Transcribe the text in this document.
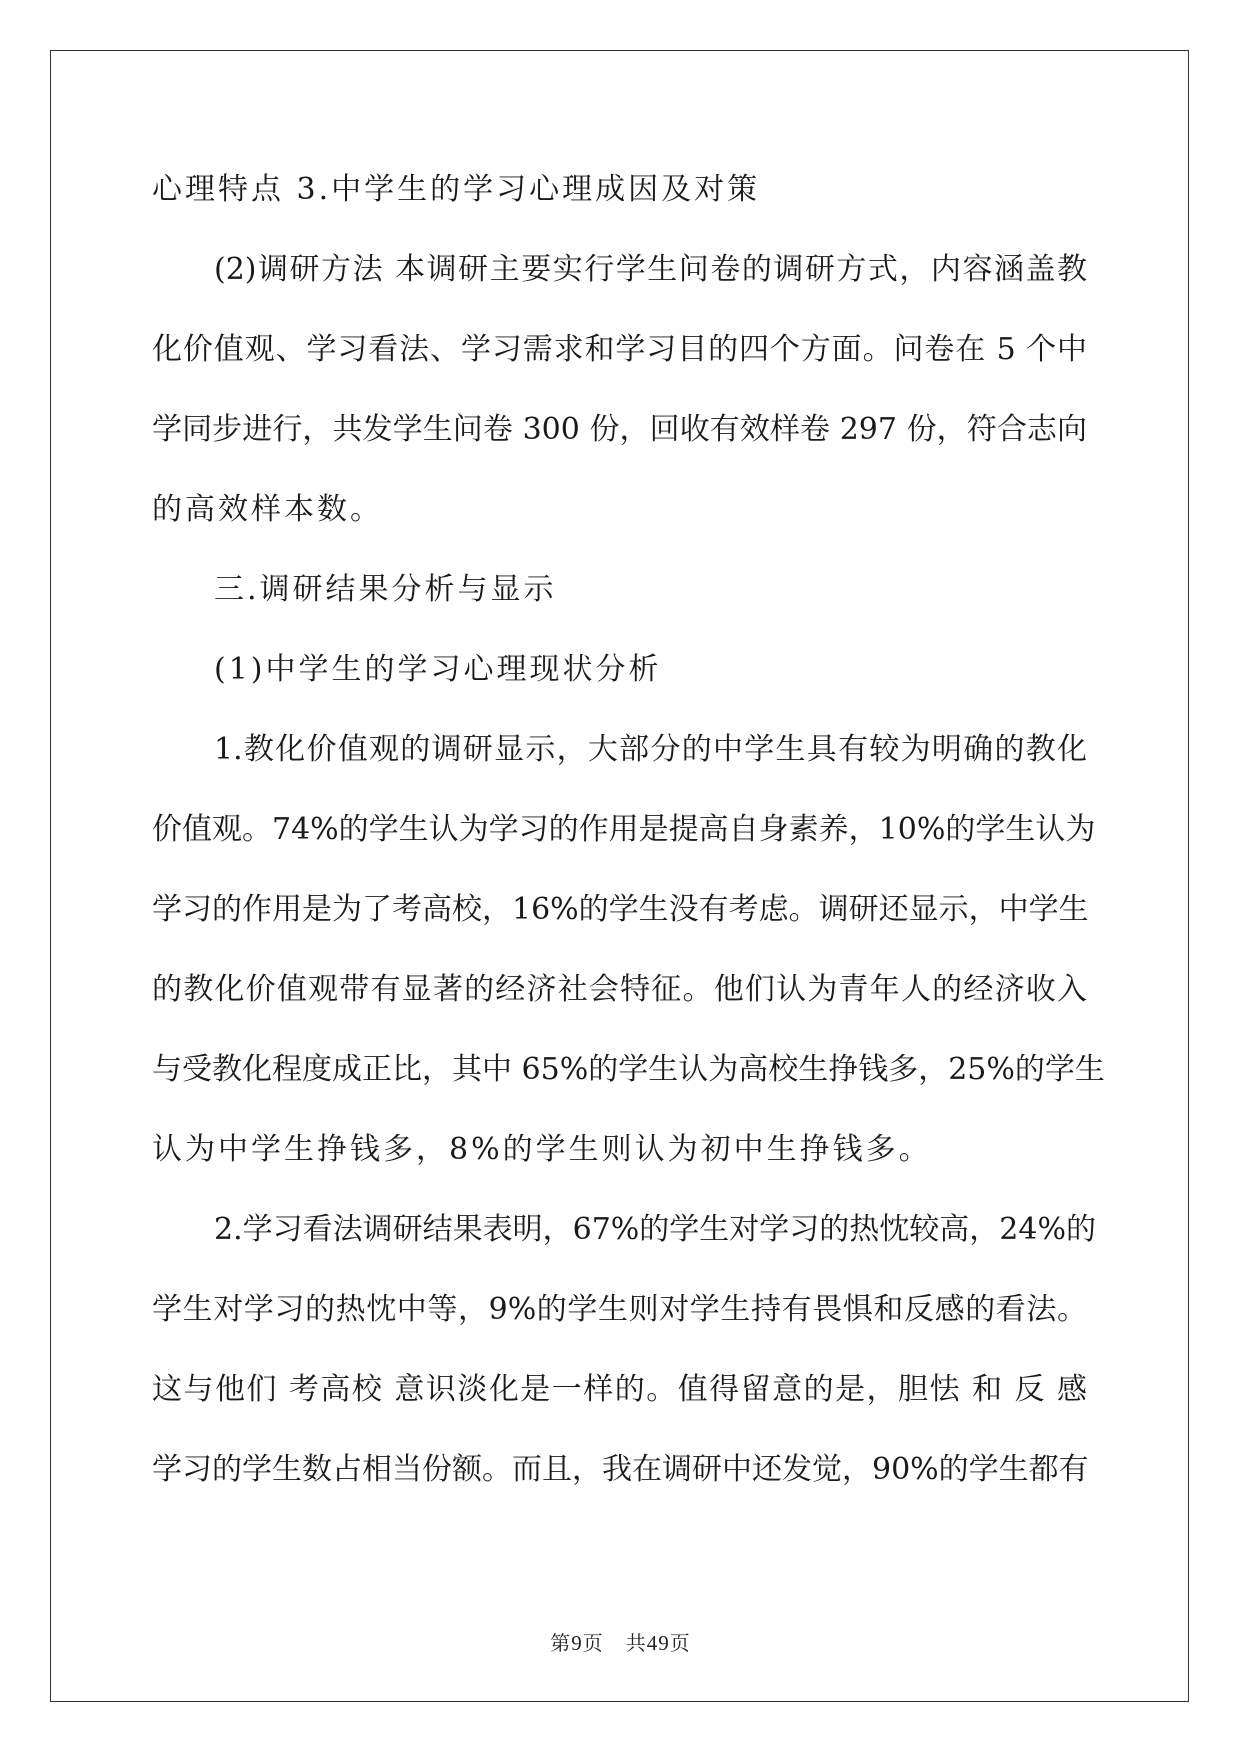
心理特点 3.中学生的学习心理成因及对策
(2)调研方法 本调研主要实行学生问卷的调研方式，内容涵盖教
化价值观、学习看法、学习需求和学习目的四个方面。问卷在 5 个中
学同步进行，共发学生问卷 300 份，回收有效样卷 297 份，符合志向
的高效样本数。
三.调研结果分析与显示
(1)中学生的学习心理现状分析
1.教化价值观的调研显示，大部分的中学生具有较为明确的教化
价值观。74%的学生认为学习的作用是提高自身素养，10%的学生认为
学习的作用是为了考高校，16%的学生没有考虑。调研还显示，中学生
的教化价值观带有显著的经济社会特征。他们认为青年人的经济收入
与受教化程度成正比，其中 65%的学生认为高校生挣钱多，25%的学生
认为中学生挣钱多，8%的学生则认为初中生挣钱多。
2.学习看法调研结果表明，67%的学生对学习的热忱较高，24%的
学生对学习的热忱中等，9%的学生则对学生持有畏惧和反感的看法。
这与他们 考高校 意识淡化是一样的。值得留意的是，胆怯 和 反 感
学习的学生数占相当份额。而且，我在调研中还发觉，90%的学生都有
第9页 共49页
